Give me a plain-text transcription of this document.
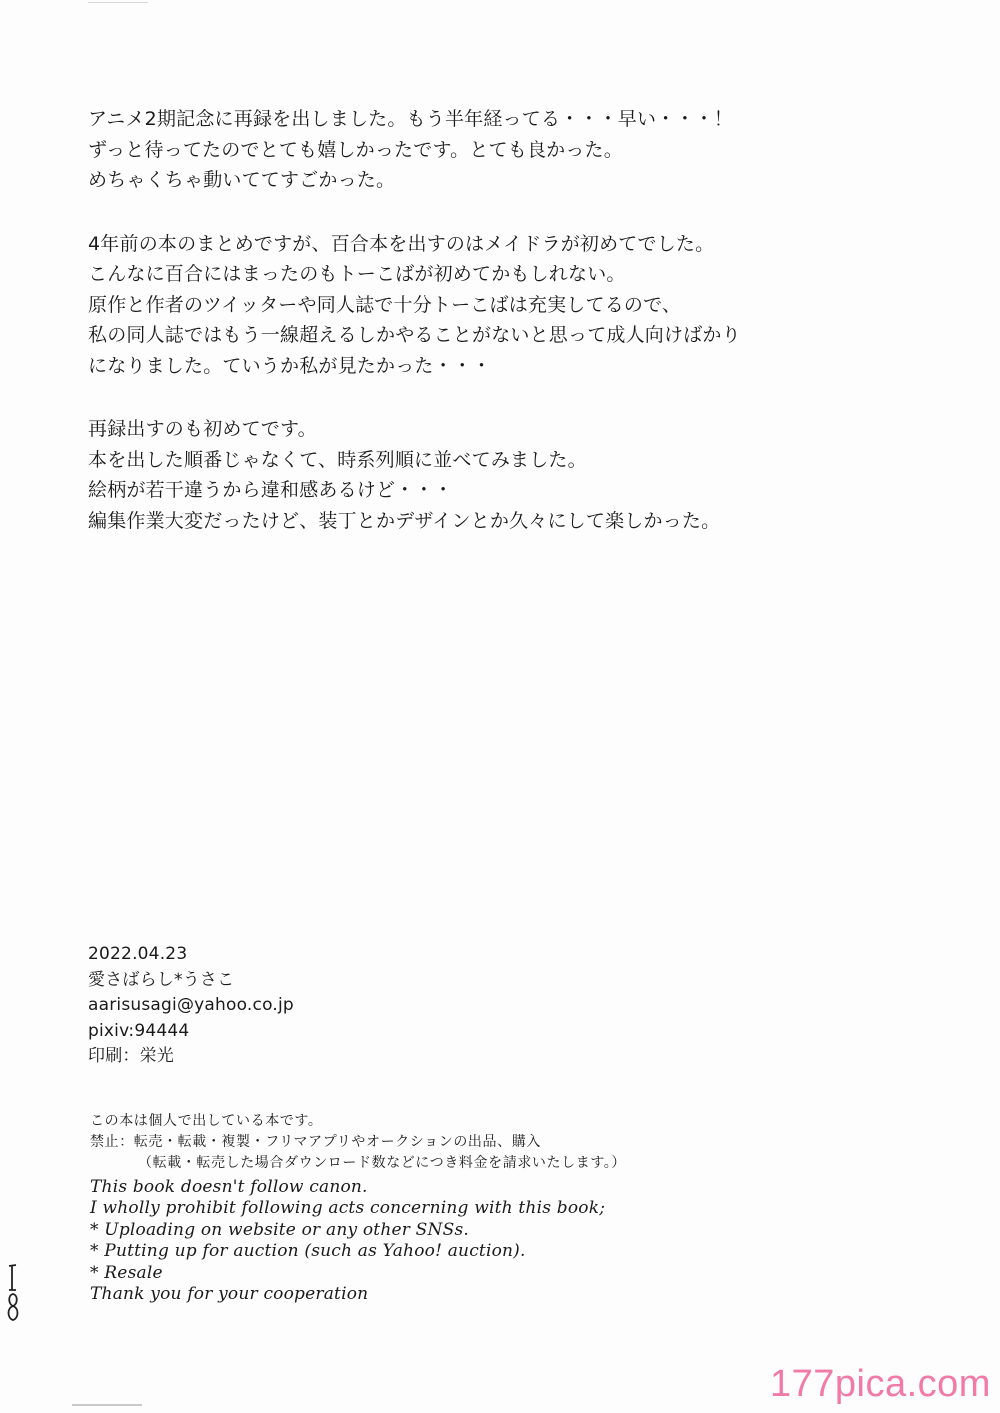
アニメ2期記念に再録を出しました。もう半年経ってる・・・早い・・・！
ずっと待ってたのでとても嬉しかったです。とても良かった。
めちゃくちゃ動いててすごかった。

4年前の本のまとめですが、百合本を出すのはメイドラが初めてでした。
こんなに百合にはまったのもトーこばが初めてかもしれない。
原作と作者のツイッターや同人誌で十分トーこばは充実してるので、
私の同人誌ではもう一線超えるしかやることがないと思って成人向けばかり
になりました。ていうか私が見たかった・・・

再録出すのも初めてです。
本を出した順番じゃなくて、時系列順に並べてみました。
絵柄が若干違うから違和感あるけど・・・
編集作業大変だったけど、装丁とかデザインとか久々にして楽しかった。

2022.04.23
愛さばらし*うさこ
aarisusagi@yahoo.co.jp
pixiv:94444
印刷：栄光
この本は個人で出している本です。
禁止：転売・転載・複製・フリマアプリやオークションの出品、購入
（転載・転売した場合ダウンロード数などにつき料金を請求いたします。）
This book doesn't follow canon.
I wholly prohibit following acts concerning with this book;
* Uploading on website or any other SNSs.
* Putting up for auction (such as Yahoo! auction).
* Resale
Thank you for your cooperation
177pica.com
